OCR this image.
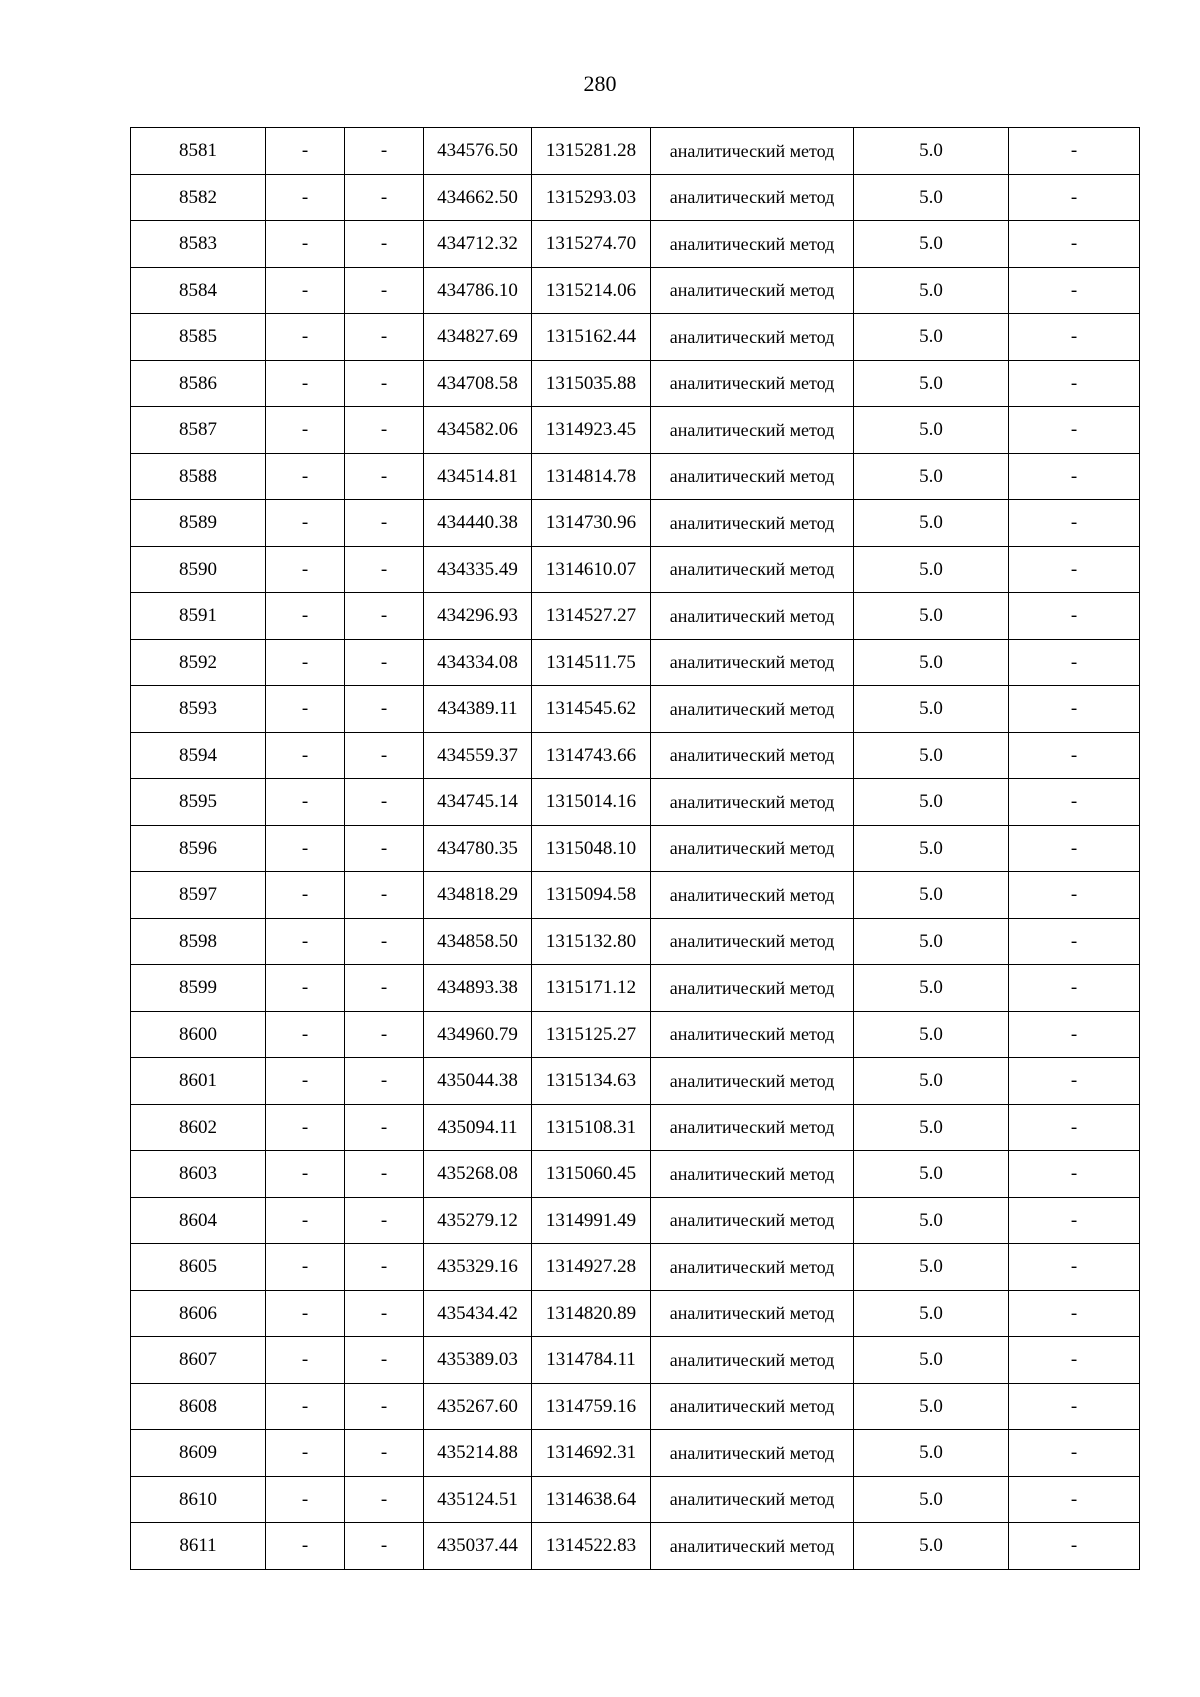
280
8581	-	-	434576.50	1315281.28	аналитический метод	5.0	-
8582	-	-	434662.50	1315293.03	аналитический метод	5.0	-
8583	-	-	434712.32	1315274.70	аналитический метод	5.0	-
8584	-	-	434786.10	1315214.06	аналитический метод	5.0	-
8585	-	-	434827.69	1315162.44	аналитический метод	5.0	-
8586	-	-	434708.58	1315035.88	аналитический метод	5.0	-
8587	-	-	434582.06	1314923.45	аналитический метод	5.0	-
8588	-	-	434514.81	1314814.78	аналитический метод	5.0	-
8589	-	-	434440.38	1314730.96	аналитический метод	5.0	-
8590	-	-	434335.49	1314610.07	аналитический метод	5.0	-
8591	-	-	434296.93	1314527.27	аналитический метод	5.0	-
8592	-	-	434334.08	1314511.75	аналитический метод	5.0	-
8593	-	-	434389.11	1314545.62	аналитический метод	5.0	-
8594	-	-	434559.37	1314743.66	аналитический метод	5.0	-
8595	-	-	434745.14	1315014.16	аналитический метод	5.0	-
8596	-	-	434780.35	1315048.10	аналитический метод	5.0	-
8597	-	-	434818.29	1315094.58	аналитический метод	5.0	-
8598	-	-	434858.50	1315132.80	аналитический метод	5.0	-
8599	-	-	434893.38	1315171.12	аналитический метод	5.0	-
8600	-	-	434960.79	1315125.27	аналитический метод	5.0	-
8601	-	-	435044.38	1315134.63	аналитический метод	5.0	-
8602	-	-	435094.11	1315108.31	аналитический метод	5.0	-
8603	-	-	435268.08	1315060.45	аналитический метод	5.0	-
8604	-	-	435279.12	1314991.49	аналитический метод	5.0	-
8605	-	-	435329.16	1314927.28	аналитический метод	5.0	-
8606	-	-	435434.42	1314820.89	аналитический метод	5.0	-
8607	-	-	435389.03	1314784.11	аналитический метод	5.0	-
8608	-	-	435267.60	1314759.16	аналитический метод	5.0	-
8609	-	-	435214.88	1314692.31	аналитический метод	5.0	-
8610	-	-	435124.51	1314638.64	аналитический метод	5.0	-
8611	-	-	435037.44	1314522.83	аналитический метод	5.0	-
